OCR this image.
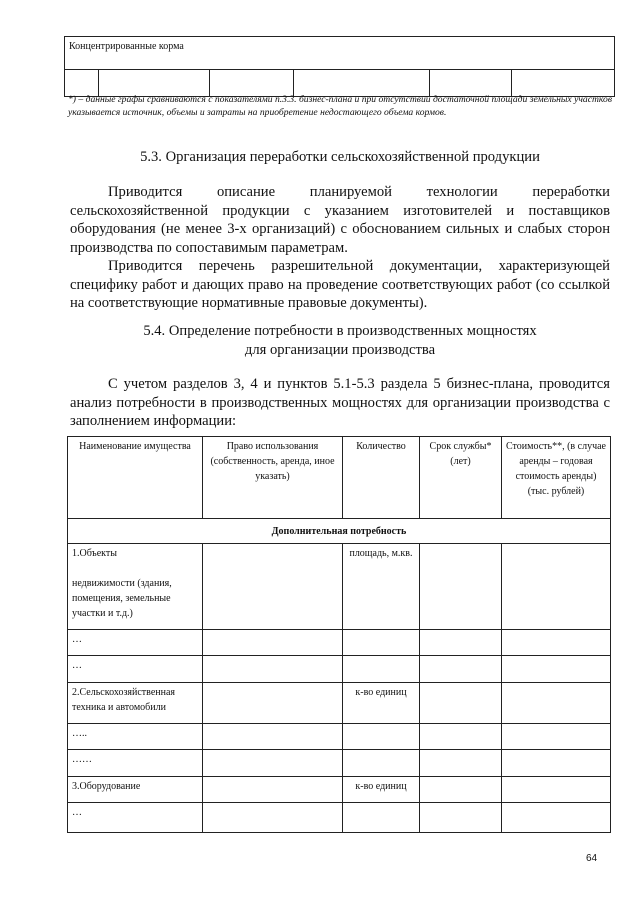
Концентрированные корма

*) – данные графы сравниваются с показателями п.3.3. бизнес-плана и при отсутствии достаточной площади земельных участков указывается источник, объемы и затраты на приобретение недостающего объема кормов.
5.3. Организация переработки сельскохозяйственной продукции
Приводится описание планируемой технологии переработки сельскохозяйственной продукции с указанием изготовителей и поставщиков оборудования (не менее 3-х организаций) с обоснованием сильных и слабых сторон производства по сопоставимым параметрам.
Приводится перечень разрешительной документации, характеризующей специфику работ и дающих право на проведение соответствующих работ (со ссылкой на соответствующие нормативные правовые документы).
5.4. Определение потребности в производственных мощностях
для организации производства
С учетом разделов 3, 4 и пунктов 5.1-5.3 раздела 5 бизнес-плана, проводится анализ потребности в производственных мощностях для организации производства с заполнением информации:
Наименование имущества	Право использования (собственность, аренда, иное указать)	Количество	Срок службы* (лет)	Стоимость**, (в случае аренды – годовая стоимость аренды) (тыс. рублей)
Дополнительная потребность				

1.Объекты
недвижимости (здания, помещения, земельные участки и т.д.)		площадь, м.кв.		
…				
…				
2.Сельскохозяйственная техника и автомобили		к-во единиц		
…..				
……				
3.Оборудование		к-во единиц		
…				
64
